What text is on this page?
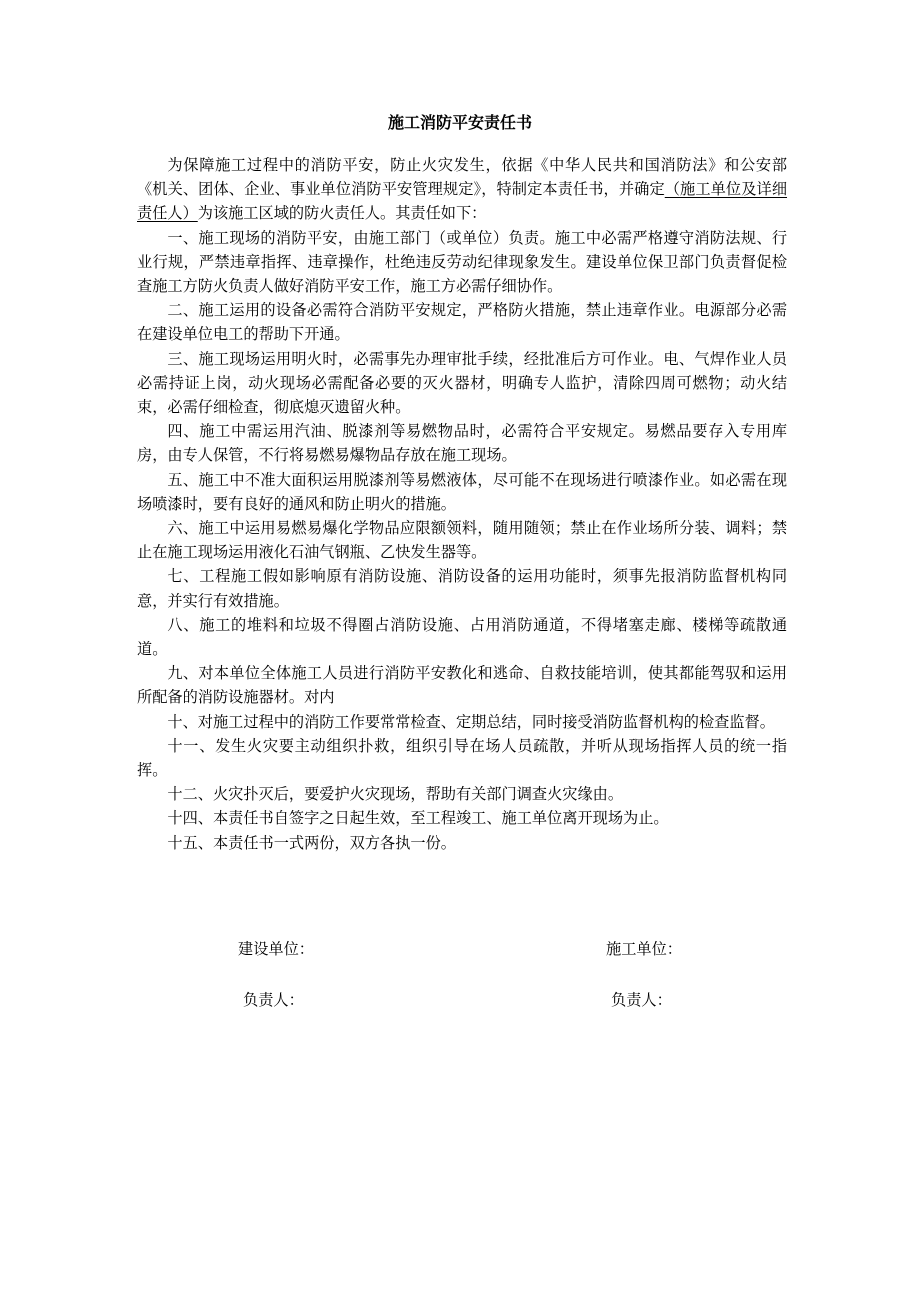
施工消防平安责任书

为保障施工过程中的消防平安，防止火灾发生，依据《中华人民共和国消防法》和公安部《机关、团体、企业、事业单位消防平安管理规定》，特制定本责任书，并确定（施工单位及详细责任人）为该施工区域的防火责任人。其责任如下：

一、施工现场的消防平安，由施工部门（或单位）负责。施工中必需严格遵守消防法规、行业行规，严禁违章指挥、违章操作，杜绝违反劳动纪律现象发生。建设单位保卫部门负责督促检查施工方防火负责人做好消防平安工作，施工方必需仔细协作。

二、施工运用的设备必需符合消防平安规定，严格防火措施，禁止违章作业。电源部分必需在建设单位电工的帮助下开通。

三、施工现场运用明火时，必需事先办理审批手续，经批准后方可作业。电、气焊作业人员必需持证上岗，动火现场必需配备必要的灭火器材，明确专人监护，清除四周可燃物；动火结束，必需仔细检查，彻底熄灭遗留火种。

四、施工中需运用汽油、脱漆剂等易燃物品时，必需符合平安规定。易燃品要存入专用库房，由专人保管，不行将易燃易爆物品存放在施工现场。

五、施工中不准大面积运用脱漆剂等易燃液体，尽可能不在现场进行喷漆作业。如必需在现场喷漆时，要有良好的通风和防止明火的措施。

六、施工中运用易燃易爆化学物品应限额领料，随用随领；禁止在作业场所分装、调料；禁止在施工现场运用液化石油气钢瓶、乙快发生器等。

七、工程施工假如影响原有消防设施、消防设备的运用功能时，须事先报消防监督机构同意，并实行有效措施。

八、施工的堆料和垃圾不得圈占消防设施、占用消防通道，不得堵塞走廊、楼梯等疏散通道。

九、对本单位全体施工人员进行消防平安教化和逃命、自救技能培训，使其都能驾驭和运用所配备的消防设施器材。对内

十、对施工过程中的消防工作要常常检查、定期总结，同时接受消防监督机构的检查监督。

十一、发生火灾要主动组织扑救，组织引导在场人员疏散，并听从现场指挥人员的统一指挥。

十二、火灾扑灭后，要爱护火灾现场，帮助有关部门调查火灾缘由。

十四、本责任书自签字之日起生效，至工程竣工、施工单位离开现场为止。

十五、本责任书一式两份，双方各执一份。

建设单位：	施工单位：
负责人：	负责人：
